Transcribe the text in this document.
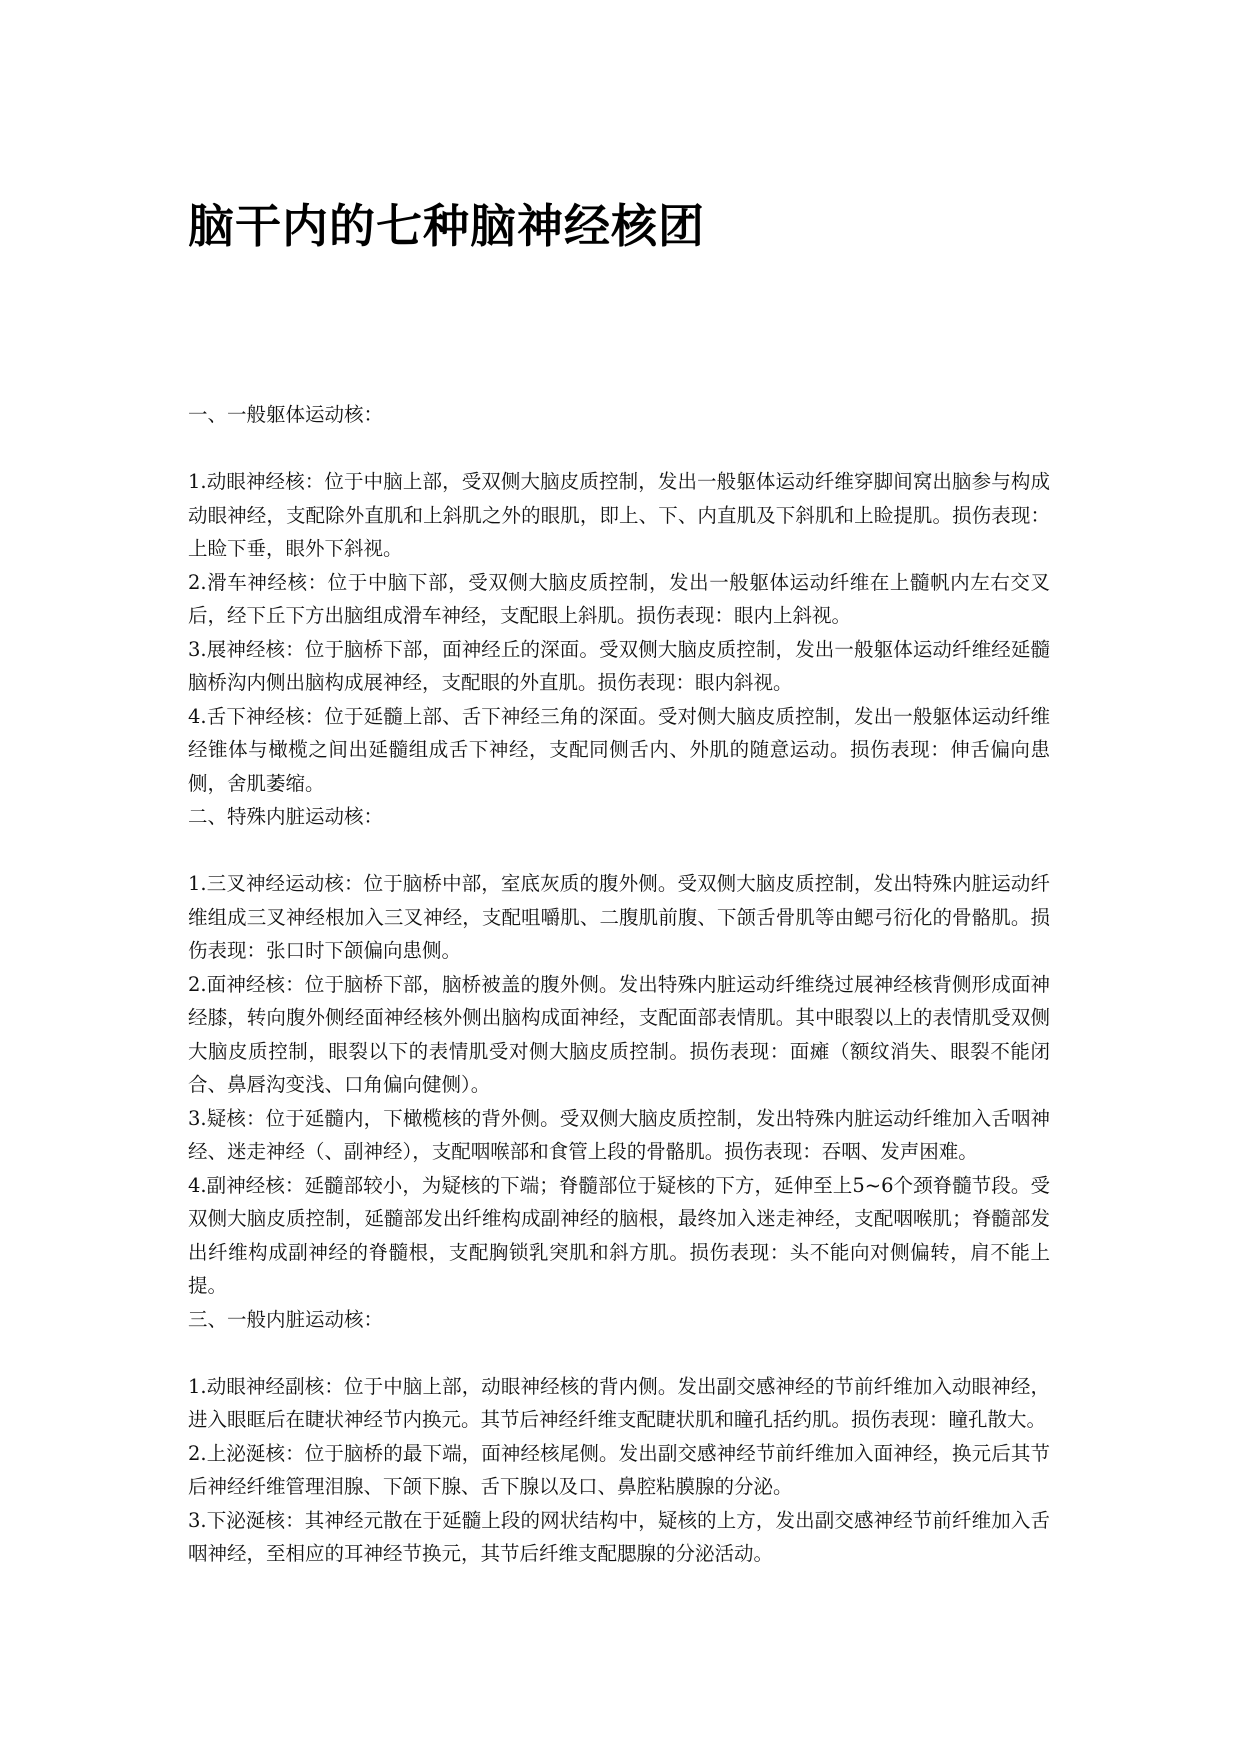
脑干内的七种脑神经核团

一、一般躯体运动核：

1.动眼神经核：位于中脑上部，受双侧大脑皮质控制，发出一般躯体运动纤维穿脚间窝出脑参与构成动眼神经，支配除外直肌和上斜肌之外的眼肌，即上、下、内直肌及下斜肌和上睑提肌。损伤表现：上睑下垂，眼外下斜视。

2.滑车神经核：位于中脑下部，受双侧大脑皮质控制，发出一般躯体运动纤维在上髓帆内左右交叉后，经下丘下方出脑组成滑车神经，支配眼上斜肌。损伤表现：眼内上斜视。

3.展神经核：位于脑桥下部，面神经丘的深面。受双侧大脑皮质控制，发出一般躯体运动纤维经延髓脑桥沟内侧出脑构成展神经，支配眼的外直肌。损伤表现：眼内斜视。

4.舌下神经核：位于延髓上部、舌下神经三角的深面。受对侧大脑皮质控制，发出一般躯体运动纤维经锥体与橄榄之间出延髓组成舌下神经，支配同侧舌内、外肌的随意运动。损伤表现：伸舌偏向患侧，舍肌萎缩。

二、特殊内脏运动核：

1.三叉神经运动核：位于脑桥中部，室底灰质的腹外侧。受双侧大脑皮质控制，发出特殊内脏运动纤维组成三叉神经根加入三叉神经，支配咀嚼肌、二腹肌前腹、下颌舌骨肌等由鳃弓衍化的骨骼肌。损伤表现：张口时下颌偏向患侧。

2.面神经核：位于脑桥下部，脑桥被盖的腹外侧。发出特殊内脏运动纤维绕过展神经核背侧形成面神经膝，转向腹外侧经面神经核外侧出脑构成面神经，支配面部表情肌。其中眼裂以上的表情肌受双侧大脑皮质控制，眼裂以下的表情肌受对侧大脑皮质控制。损伤表现：面瘫（额纹消失、眼裂不能闭合、鼻唇沟变浅、口角偏向健侧）。

3.疑核：位于延髓内，下橄榄核的背外侧。受双侧大脑皮质控制，发出特殊内脏运动纤维加入舌咽神经、迷走神经（、副神经），支配咽喉部和食管上段的骨骼肌。损伤表现：吞咽、发声困难。

4.副神经核：延髓部较小，为疑核的下端；脊髓部位于疑核的下方，延伸至上5~6个颈脊髓节段。受双侧大脑皮质控制，延髓部发出纤维构成副神经的脑根，最终加入迷走神经，支配咽喉肌；脊髓部发出纤维构成副神经的脊髓根，支配胸锁乳突肌和斜方肌。损伤表现：头不能向对侧偏转，肩不能上提。

三、一般内脏运动核：

1.动眼神经副核：位于中脑上部，动眼神经核的背内侧。发出副交感神经的节前纤维加入动眼神经，进入眼眶后在睫状神经节内换元。其节后神经纤维支配睫状肌和瞳孔括约肌。损伤表现：瞳孔散大。

2.上泌涎核：位于脑桥的最下端，面神经核尾侧。发出副交感神经节前纤维加入面神经，换元后其节后神经纤维管理泪腺、下颌下腺、舌下腺以及口、鼻腔粘膜腺的分泌。

3.下泌涎核：其神经元散在于延髓上段的网状结构中，疑核的上方，发出副交感神经节前纤维加入舌咽神经，至相应的耳神经节换元，其节后纤维支配腮腺的分泌活动。
